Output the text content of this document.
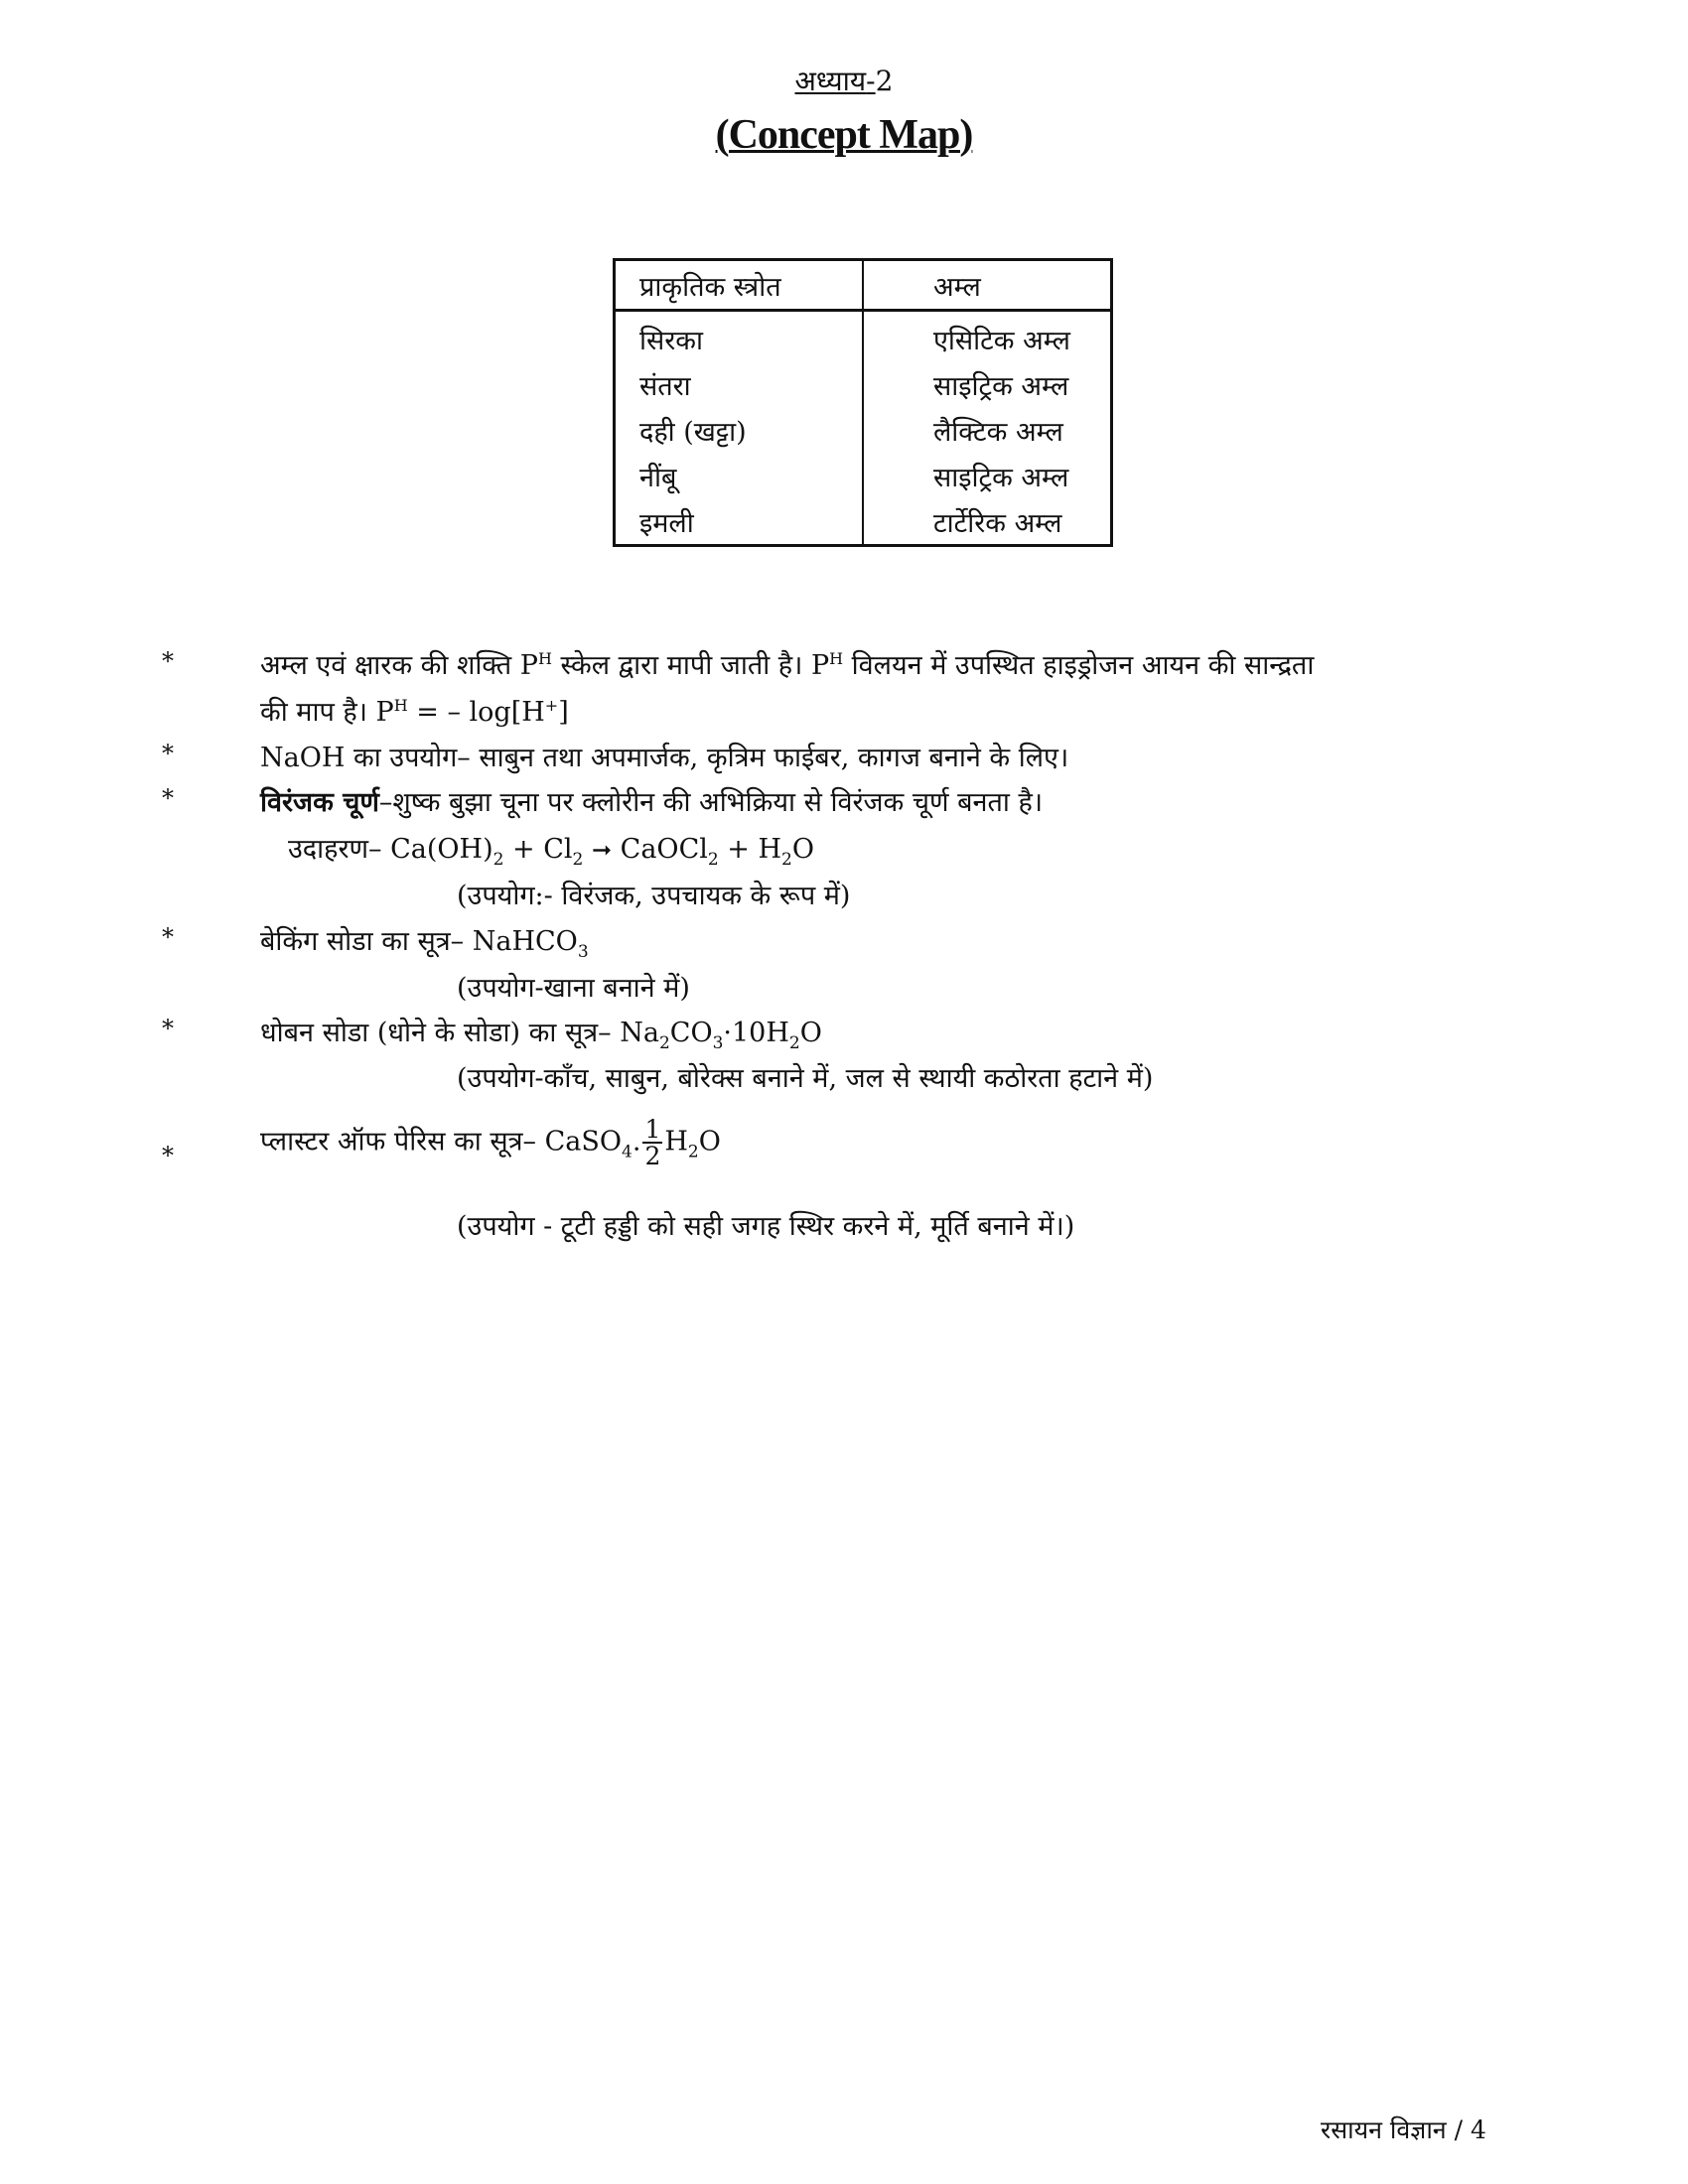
अध्याय-2
(Concept Map)
प्राकृतिक स्त्रोत	अम्ल
सिरका	एसिटिक अम्ल
संतरा	साइट्रिक अम्ल
दही (खट्टा)	लैक्टिक अम्ल
नींबू	साइट्रिक अम्ल
इमली	टार्टेरिक अम्ल
*	अम्ल एवं क्षारक की शक्ति $P^H$ स्केल द्वारा मापी जाती है। $P^H$ विलयन में उपस्थित हाइड्रोजन आयन की सान्द्रता
की माप है। $P^H$ = – log[H+]
*	NaOH का उपयोग– साबुन तथा अपमार्जक, कृत्रिम फाईबर, कागज बनाने के लिए।
*	विरंजक चूर्ण–शुष्क बुझा चूना पर क्लोरीन की अभिक्रिया से विरंजक चूर्ण बनता है।
उदाहरण– $Ca(OH)_2 + Cl_2$ ➞ CaOCl$_2$ + $H_2O$
(उपयोग:- विरंजक, उपचायक के रूप में)
*	बेकिंग सोडा का सूत्र– NaHCO$_3$
(उपयोग-खाना बनाने में)
*	धोबन सोडा (धोने के सोडा) का सूत्र– $Na_2CO_3\cdot 10H_2O$
(उपयोग-काँच, साबुन, बोरेक्स बनाने में, जल से स्थायी कठोरता हटाने में)
*	प्लास्टर ऑफ पेरिस का सूत्र– CaSO$_4$. $\frac{1}{2} H_2O$
(उपयोग - टूटी हड्डी को सही जगह स्थिर करने में, मूर्ति बनाने में।)
रसायन विज्ञान / 4
